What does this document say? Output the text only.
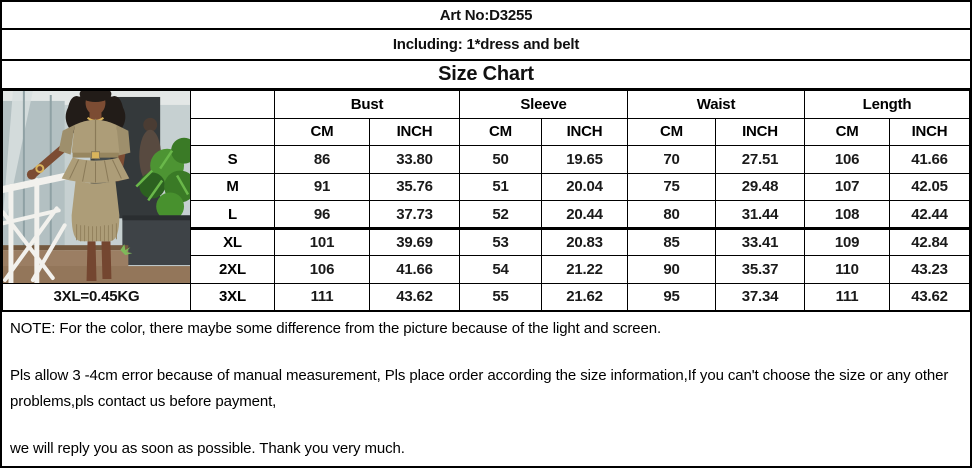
Art No:D3255
Including: 1*dress and belt
Size Chart
		Bust		Sleeve		Waist		Length	
		CM	INCH	CM	INCH	CM	INCH	CM	INCH
	S	86	33.80	50	19.65	70	27.51	106	41.66
	M	91	35.76	51	20.04	75	29.48	107	42.05
	L	96	37.73	52	20.44	80	31.44	108	42.44
	XL	101	39.69	53	20.83	85	33.41	109	42.84
	2XL	106	41.66	54	21.22	90	35.37	110	43.23
3XL=0.45KG	3XL	111	43.62	55	21.62	95	37.34	111	43.62

NOTE: For the color, there maybe some difference from the picture because of the light and screen.

Pls allow 3 -4cm error because of manual measurement, Pls place order according the size information,If you can't choose the size or any other problems,pls contact us before payment,

we will reply you as soon as possible. Thank you very much.
